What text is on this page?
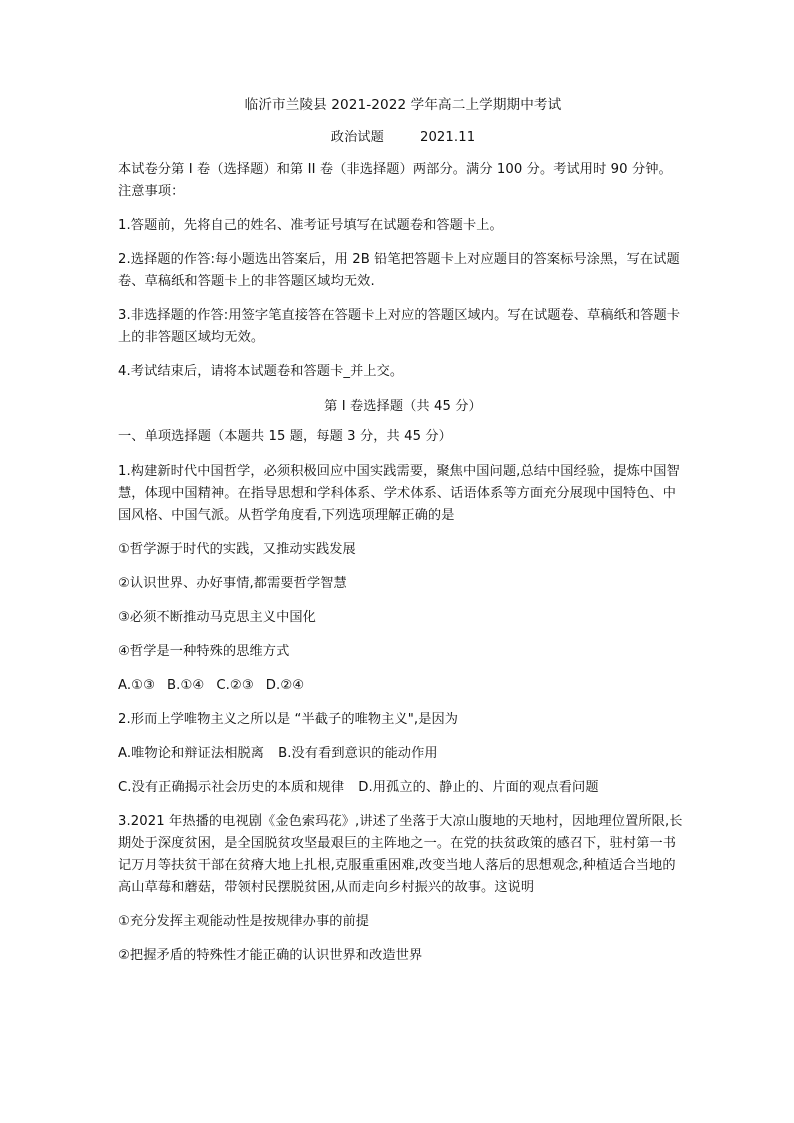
临沂市兰陵县 2021-2022 学年高二上学期期中考试

政治试题	2021.11

本试卷分第 I 卷（选择题）和第 II 卷（非选择题）两部分。满分 100 分。考试用时 90 分钟。

注意事项：

1.答题前，先将自己的姓名、准考证号填写在试题卷和答题卡上。

2.选择题的作答:每小题选出答案后，用 2B 铅笔把答题卡上对应题目的答案标号涂黑，写在试题卷、草稿纸和答题卡上的非答题区域均无效.

3.非选择题的作答:用签字笔直接答在答题卡上对应的答题区域内。写在试题卷、草稿纸和答题卡上的非答题区域均无效。

4.考试结束后，请将本试题卷和答题卡_并上交。

第 I 卷选择题（共 45 分）

一、单项选择题（本题共 15 题，每题 3 分，共 45 分）

1.构建新时代中国哲学，必须积极回应中国实践需要，聚焦中国问题,总结中国经验，提炼中国智慧，体现中国精神。在指导思想和学科体系、学术体系、话语体系等方面充分展现中国特色、中国风格、中国气派。从哲学角度看,下列选项理解正确的是

①哲学源于时代的实践，又推动实践发展

②认识世界、办好事情,都需要哲学智慧

③必须不断推动马克思主义中国化

④哲学是一种特殊的思维方式

A.①③ B.①④ C.②③ D.②④

2.形而上学唯物主义之所以是 “半截子的唯物主义",是因为

A.唯物论和辩证法相脱离 B.没有看到意识的能动作用

C.没有正确揭示社会历史的本质和规律 D.用孤立的、静止的、片面的观点看问题

3.2021 年热播的电视剧《金色索玛花》,讲述了坐落于大凉山腹地的天地村，因地理位置所限,长期处于深度贫困，是全国脱贫攻坚最艰巨的主阵地之一。在党的扶贫政策的感召下，驻村第一书记万月等扶贫干部在贫瘠大地上扎根,克服重重困难,改变当地人落后的思想观念,种植适合当地的高山草莓和蘑菇，带领村民摆脱贫困,从而走向乡村振兴的故事。这说明

①充分发挥主观能动性是按规律办事的前提

②把握矛盾的特殊性才能正确的认识世界和改造世界
